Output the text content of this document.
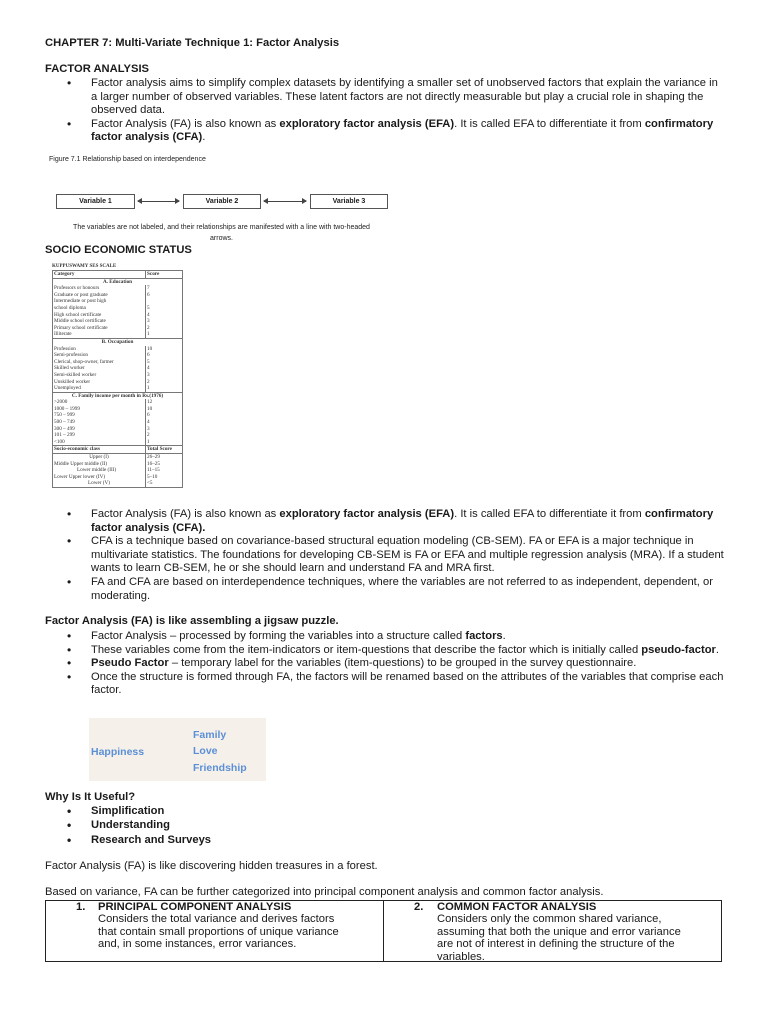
CHAPTER 7: Multi-Variate Technique 1: Factor Analysis
FACTOR ANALYSIS
• Factor analysis aims to simplify complex datasets by identifying a smaller set of unobserved factors that explain the variance in a larger number of observed variables. These latent factors are not directly measurable but play a crucial role in shaping the observed data.
• Factor Analysis (FA) is also known as exploratory factor analysis (EFA). It is called EFA to differentiate it from confirmatory factor analysis (CFA).
Figure 7.1 Relationship based on interdependence
Variable 1	Variable 2	Variable 3
The variables are not labeled, and their relationships are manifested with a line with two-headed
arrows.
SOCIO ECONOMIC STATUS
KUPPUSWAMY SES SCALE
Category	Score
A. Education	
Professors or honours	7
Graduate or post graduate	6
Intermediate or post high	
school diploma	5
High school certificate	4
Middle school certificate	3
Primary school certificate	2
Illiterate	1
B. Occupation	
Profession	10
Semi-profession	6
Clerical, shop-owner, farmer	5
Skilled worker	4
Semi-skilled worker	3
Unskilled worker	2
Unemployed	1
C. Family income per month in Rs.(1976)	
>2000	12
1000 – 1999	10
750 – 999	6
500 – 749	4
300 – 499	3
101 – 299	2
<100	1
Socio-economic class	Total Score
Upper (I)	26–29
Middle Upper middle (II)	16–25
Lower middle (III)	11–15
Lower Upper lower (IV)	5–10
Lower (V)	<5
• Factor Analysis (FA) is also known as exploratory factor analysis (EFA). It is called EFA to differentiate it from confirmatory factor analysis (CFA).
• CFA is a technique based on covariance-based structural equation modeling (CB-SEM). FA or EFA is a major technique in multivariate statistics. The foundations for developing CB-SEM is FA or EFA and multiple regression analysis (MRA). If a student wants to learn CB-SEM, he or she should learn and understand FA and MRA first.
• FA and CFA are based on interdependence techniques, where the variables are not referred to as independent, dependent, or moderating.
Factor Analysis (FA) is like assembling a jigsaw puzzle.
• Factor Analysis – processed by forming the variables into a structure called factors.
• These variables come from the item-indicators or item-questions that describe the factor which is initially called pseudo-factor.
• Pseudo Factor – temporary label for the variables (item-questions) to be grouped in the survey questionnaire.
• Once the structure is formed through FA, the factors will be renamed based on the attributes of the variables that comprise each factor.
Happiness
Family
Love
Friendship
Why Is It Useful?
• Simplification
• Understanding
• Research and Surveys
Factor Analysis (FA) is like discovering hidden treasures in a forest.
Based on variance, FA can be further categorized into principal component analysis and common factor analysis.
1. PRINCIPAL COMPONENT ANALYSIS
Considers the total variance and derives factors
that contain small proportions of unique variance
and, in some instances, error variances.
2. COMMON FACTOR ANALYSIS
Considers only the common shared variance,
assuming that both the unique and error variance
are not of interest in defining the structure of the
variables.
